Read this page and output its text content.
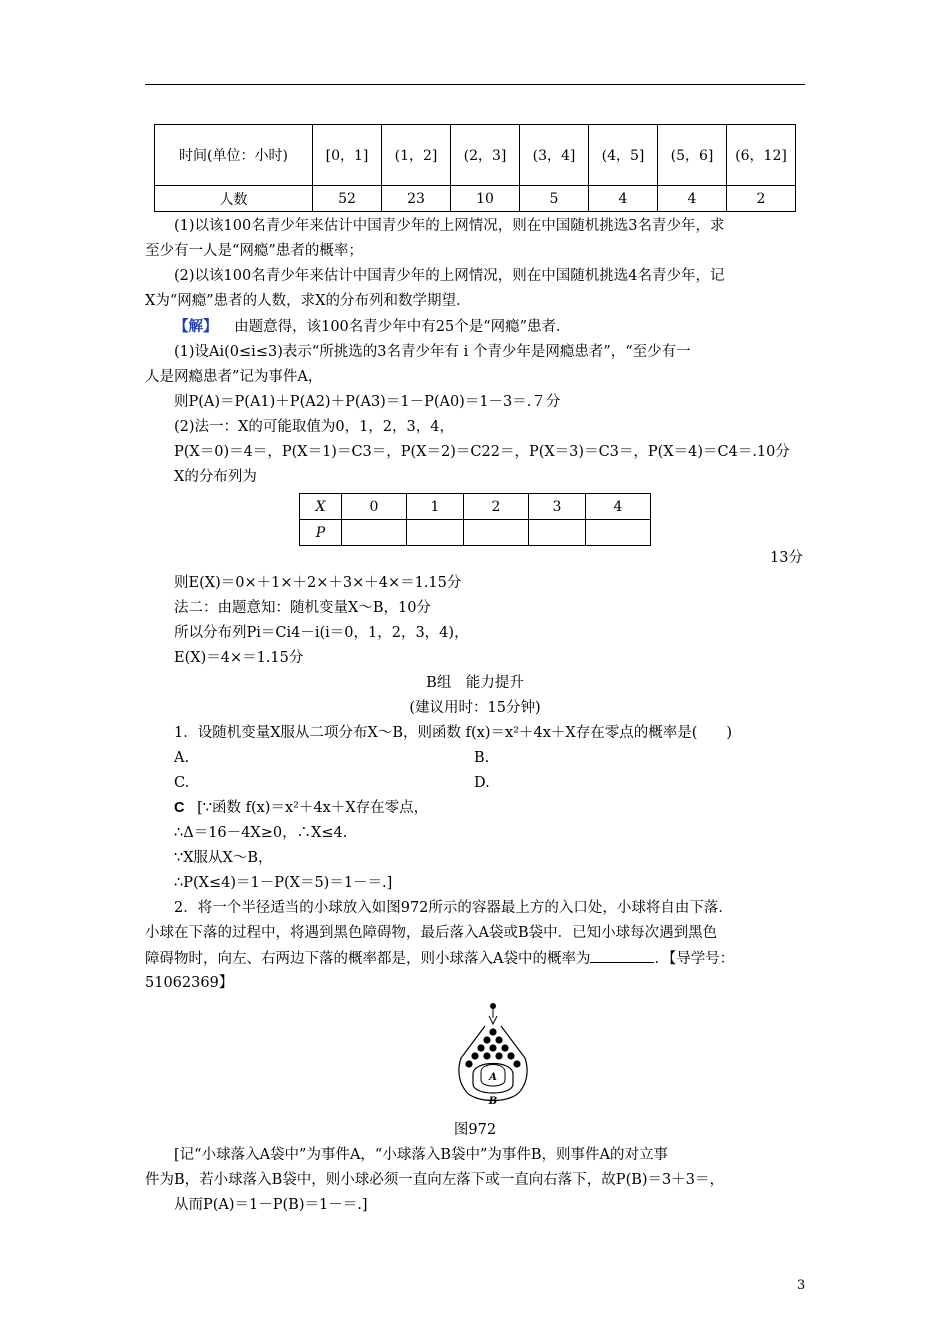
时间(单位：小时)	[0，1]	(1，2]	(2，3]	(3，4]	(4，5]	(5，6]	(6，12]
人数	52	23	10	5	4	4	2
(1)以该100名青少年来估计中国青少年的上网情况，则在中国随机挑选3名青少年，求
至少有一人是“网瘾”患者的概率；
(2)以该100名青少年来估计中国青少年的上网情况，则在中国随机挑选4名青少年，记
X为“网瘾”患者的人数，求X的分布列和数学期望．
【解】 由题意得，该100名青少年中有25个是“网瘾”患者．
(1)设Ai(0≤i≤3)表示“所挑选的3名青少年有 i 个青少年是网瘾患者”，“至少有一
人是网瘾患者”记为事件A，
则P(A)＝P(A1)＋P(A2)＋P(A3)＝1－P(A0)＝1－3＝.７分
(2)法一：X的可能取值为0，1，2，3，4，
P(X＝0)＝4＝，P(X＝1)＝C3＝，P(X＝2)＝C22＝，P(X＝3)＝C3＝，P(X＝4)＝C4＝.10分
X的分布列为
X	0	1	2	3	4
P					
13分
则E(X)＝0×＋1×＋2×＋3×＋4×＝1.15分
法二：由题意知：随机变量X～B，10分
所以分布列Pi＝Ci4－i(i＝0，1，2，3，4)，
E(X)＝4×＝1.15分
B组　能力提升
(建议用时：15分钟)
1．设随机变量X服从二项分布X～B，则函数 f(x)＝x²＋4x＋X存在零点的概率是(　　)
A.	B.
C.	D.
C [∵函数 f(x)＝x²＋4x＋X存在零点，
∴Δ＝16－4X≥0，∴X≤4.
∵X服从X～B，
∴P(X≤4)＝1－P(X＝5)＝1－＝.]
2．将一个半径适当的小球放入如图972所示的容器最上方的入口处，小球将自由下落．
小球在下落的过程中，将遇到黑色障碍物，最后落入A袋或B袋中．已知小球每次遇到黑色
障碍物时，向左、右两边下落的概率都是，则小球落入A袋中的概率为	．【导学号：
51062369】
A
B
图972
[记“小球落入A袋中”为事件A，“小球落入B袋中”为事件B，则事件A的对立事
件为B，若小球落入B袋中，则小球必须一直向左落下或一直向右落下，故P(B)＝3＋3＝，
从而P(A)＝1－P(B)＝1－＝.]
3
